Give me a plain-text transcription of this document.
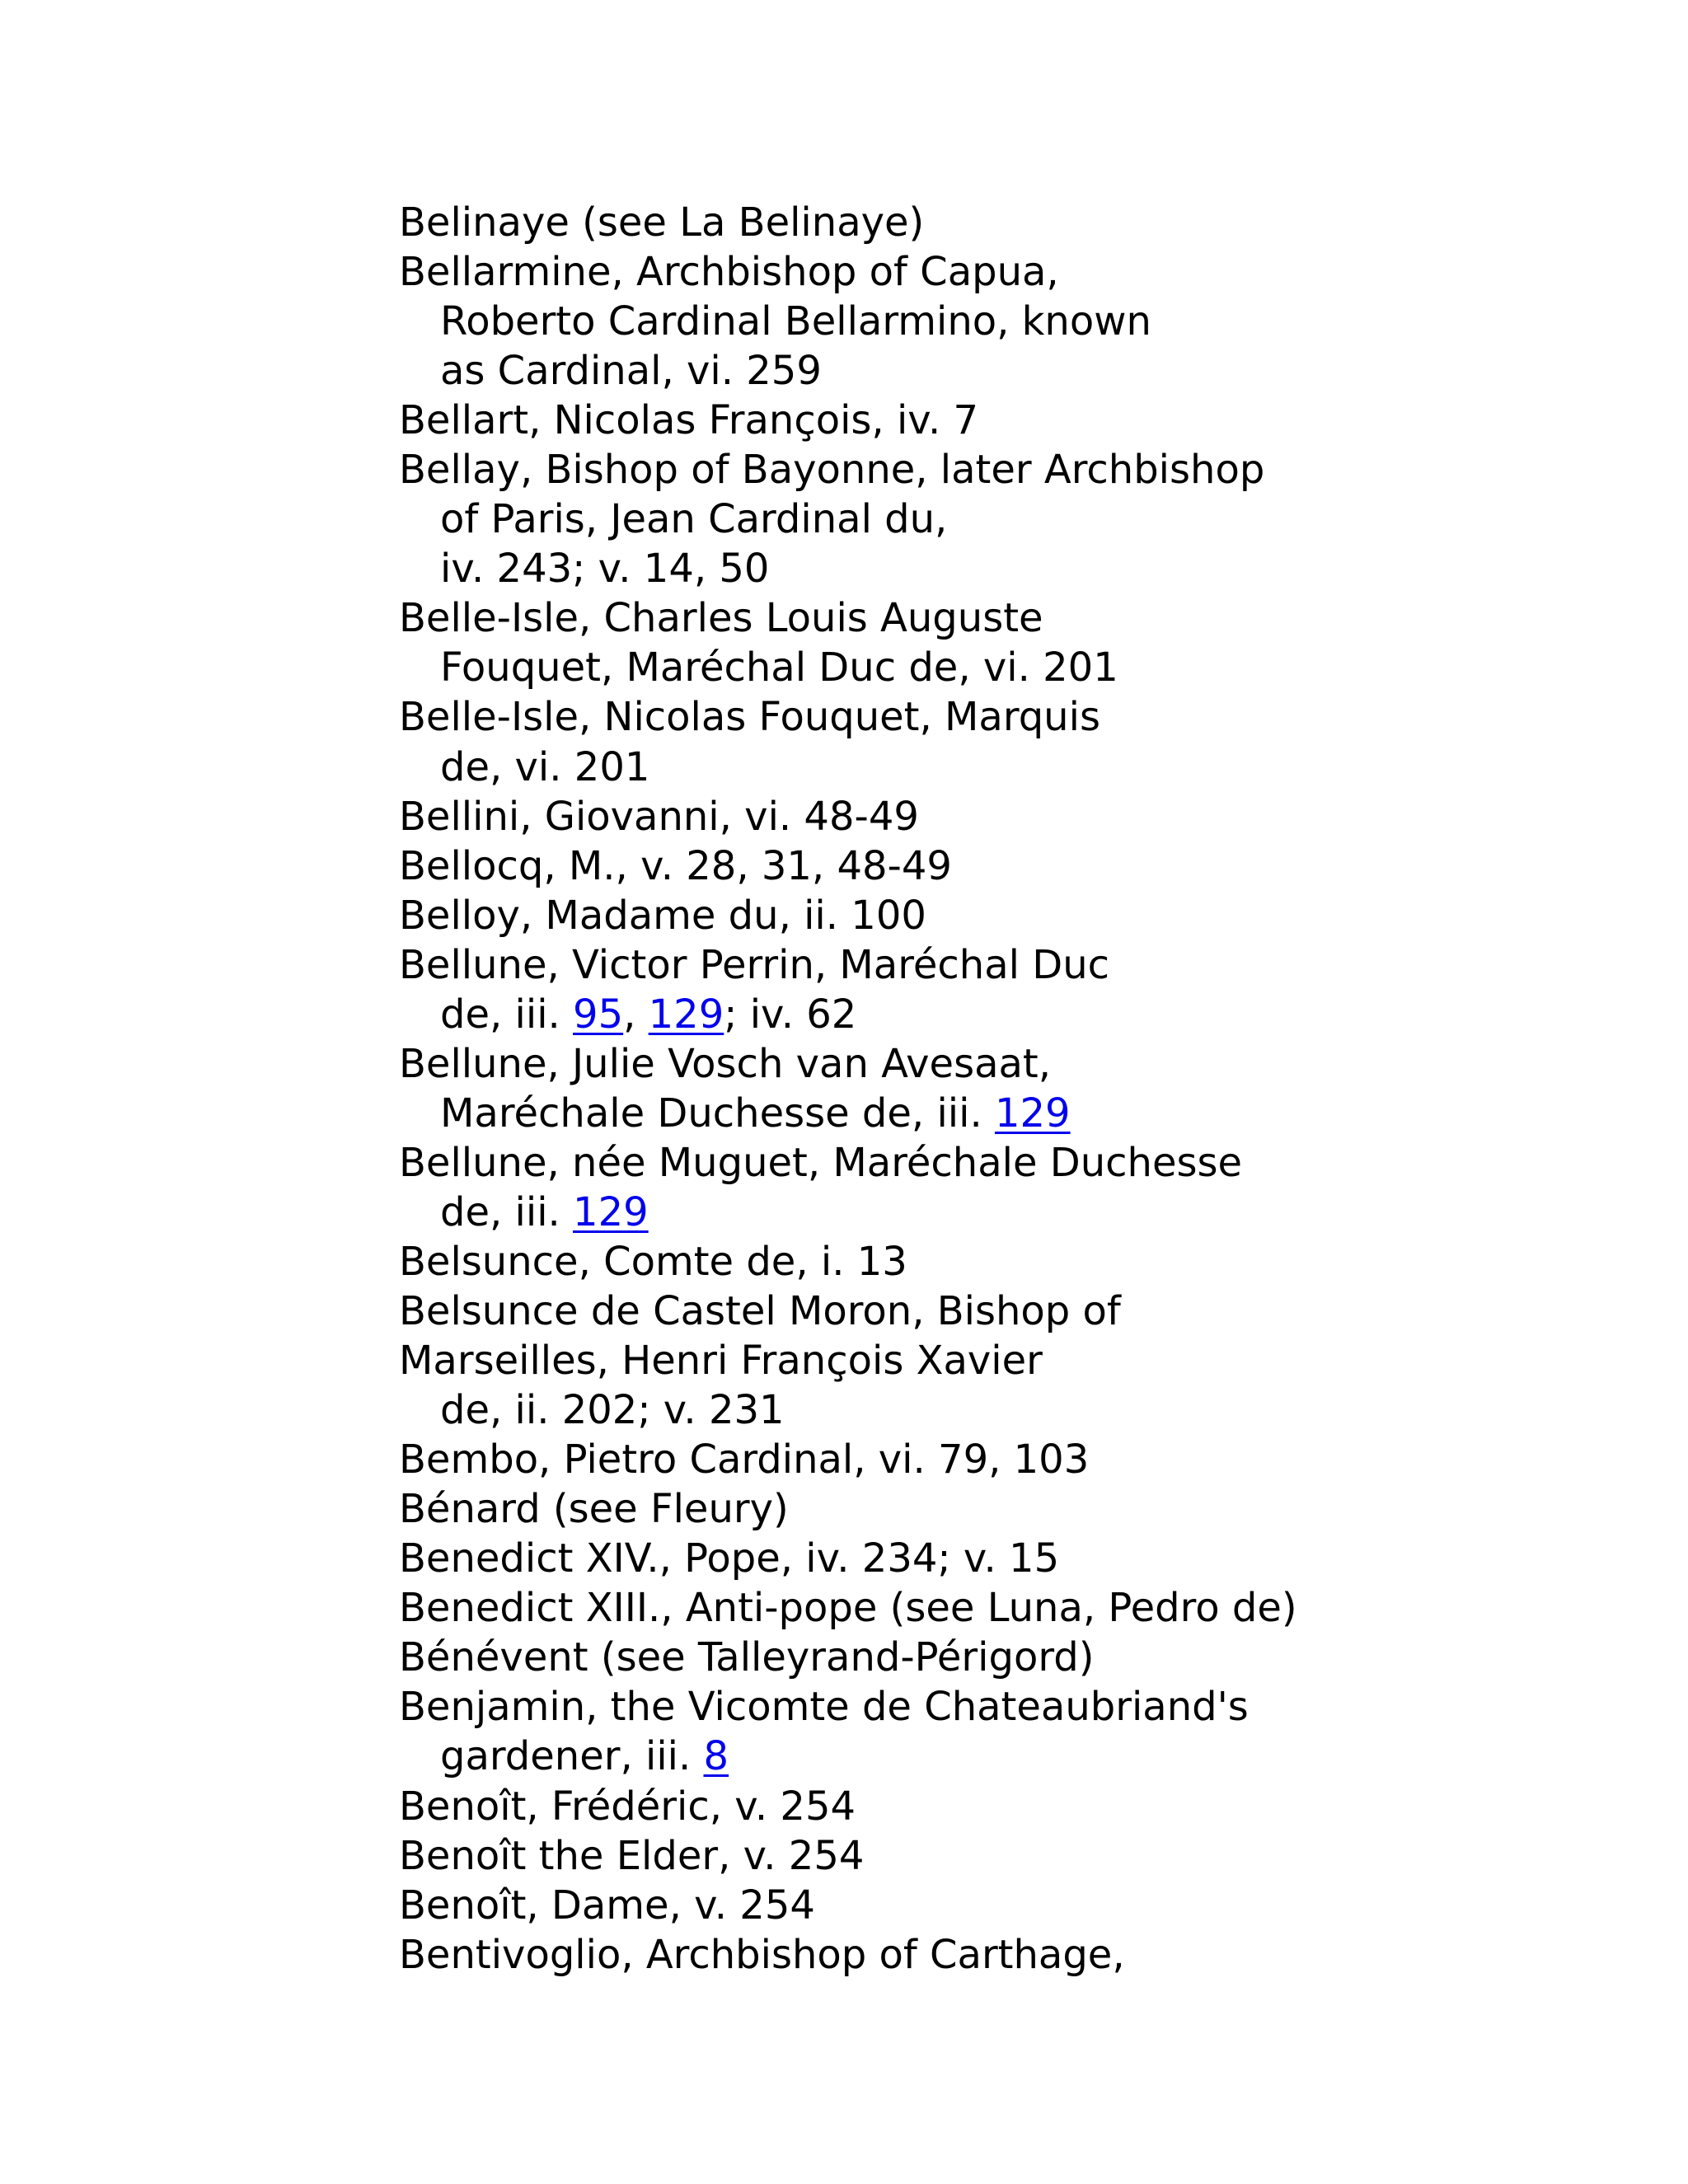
Belinaye (see La Belinaye)
Bellarmine, Archbishop of Capua,
Roberto Cardinal Bellarmino, known
as Cardinal, vi. 259
Bellart, Nicolas François, iv. 7
Bellay, Bishop of Bayonne, later Archbishop
of Paris, Jean Cardinal du,
iv. 243; v. 14, 50
Belle-Isle, Charles Louis Auguste
Fouquet, Maréchal Duc de, vi. 201
Belle-Isle, Nicolas Fouquet, Marquis
de, vi. 201
Bellini, Giovanni, vi. 48-49
Bellocq, M., v. 28, 31, 48-49
Belloy, Madame du, ii. 100
Bellune, Victor Perrin, Maréchal Duc
de, iii. 95, 129; iv. 62
Bellune, Julie Vosch van Avesaat,
Maréchale Duchesse de, iii. 129
Bellune, née Muguet, Maréchale Duchesse
de, iii. 129
Belsunce, Comte de, i. 13
Belsunce de Castel Moron, Bishop of
Marseilles, Henri François Xavier
de, ii. 202; v. 231
Bembo, Pietro Cardinal, vi. 79, 103
Bénard (see Fleury)
Benedict XIV., Pope, iv. 234; v. 15
Benedict XIII., Anti-pope (see Luna, Pedro de)
Bénévent (see Talleyrand-Périgord)
Benjamin, the Vicomte de Chateaubriand's
gardener, iii. 8
Benoît, Frédéric, v. 254
Benoît the Elder, v. 254
Benoît, Dame, v. 254
Bentivoglio, Archbishop of Carthage,
